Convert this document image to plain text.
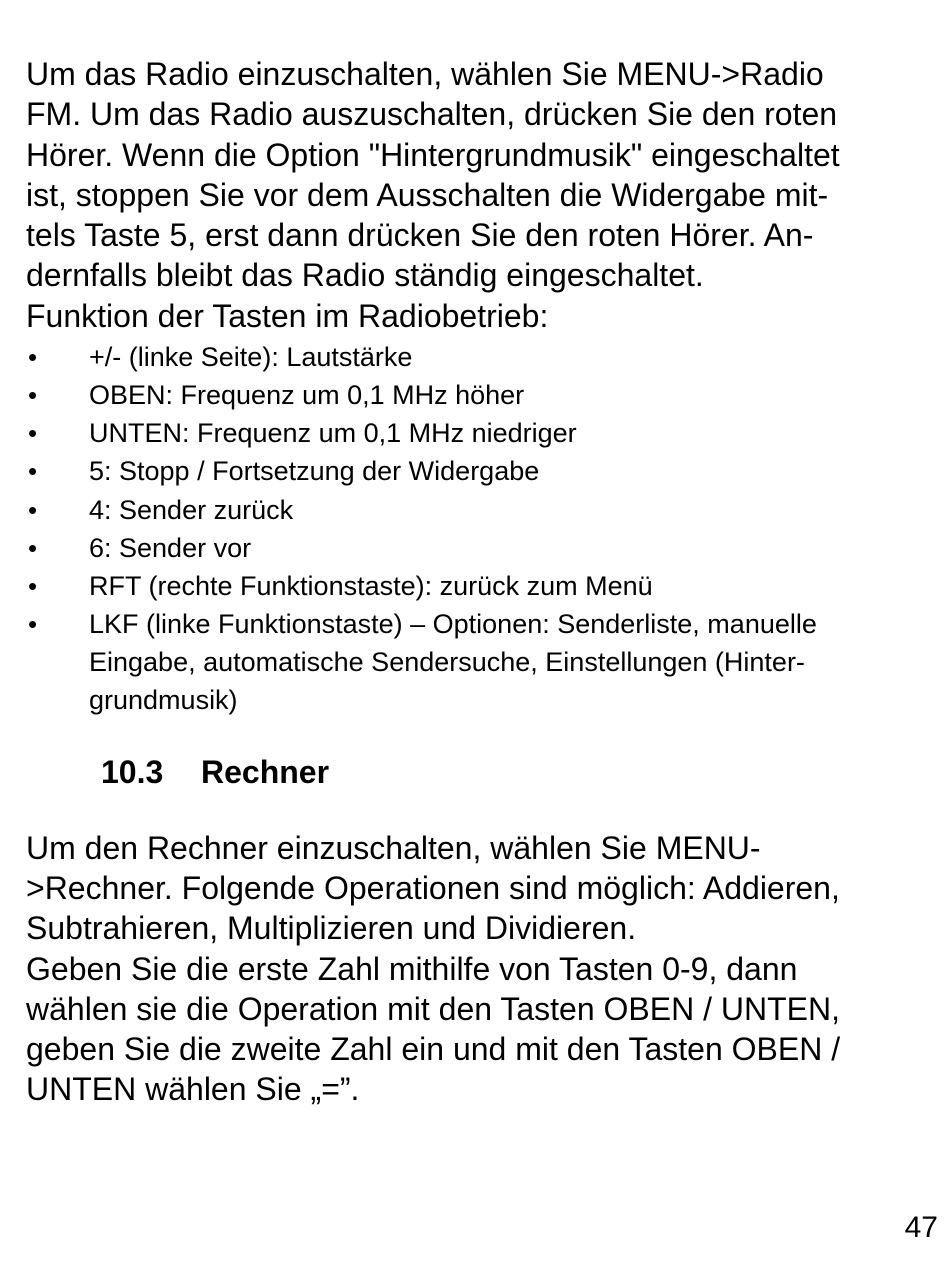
Um das Radio einzuschalten, wählen Sie MENU->Radio
FM. Um das Radio auszuschalten, drücken Sie den roten
Hörer. Wenn die Option "Hintergrundmusik" eingeschaltet
ist, stoppen Sie vor dem Ausschalten die Widergabe mit-
tels Taste 5, erst dann drücken Sie den roten Hörer. An-
dernfalls bleibt das Radio ständig eingeschaltet.
Funktion der Tasten im Radiobetrieb:
• +/- (linke Seite): Lautstärke
• OBEN: Frequenz um 0,1 MHz höher
• UNTEN: Frequenz um 0,1 MHz niedriger
• 5: Stopp / Fortsetzung der Widergabe
• 4: Sender zurück
• 6: Sender vor
• RFT (rechte Funktionstaste): zurück zum Menü
• LKF (linke Funktionstaste) – Optionen: Senderliste, manuelle
Eingabe, automatische Sendersuche, Einstellungen (Hinter-
grundmusik)
10.3 Rechner
Um den Rechner einzuschalten, wählen Sie MENU-
>Rechner. Folgende Operationen sind möglich: Addieren,
Subtrahieren, Multiplizieren und Dividieren.
Geben Sie die erste Zahl mithilfe von Tasten 0-9, dann
wählen sie die Operation mit den Tasten OBEN / UNTEN,
geben Sie die zweite Zahl ein und mit den Tasten OBEN /
UNTEN wählen Sie „=”.
47
